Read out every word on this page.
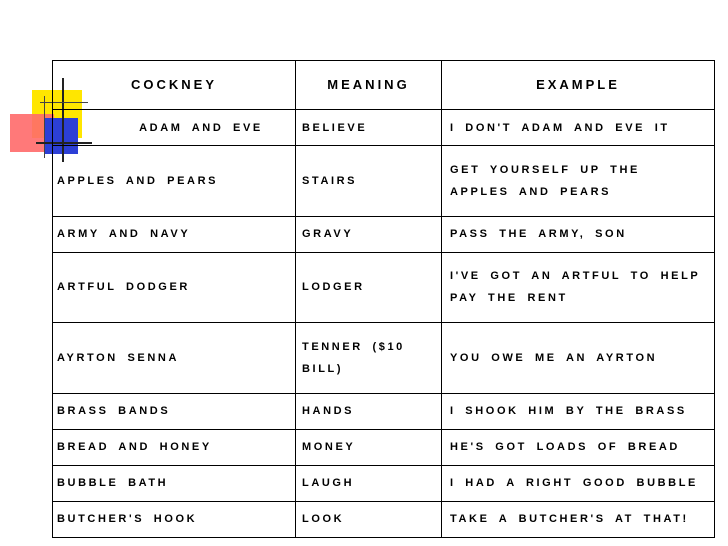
COCKNEY	MEANING	EXAMPLE
ADAM AND EVE	BELIEVE	I DON'T ADAM AND EVE IT
APPLES AND PEARS	STAIRS	GET YOURSELF UP THE APPLES AND PEARS
ARMY AND NAVY	GRAVY	PASS THE ARMY, SON
ARTFUL DODGER	LODGER	I'VE GOT AN ARTFUL TO HELP PAY THE RENT
AYRTON SENNA	TENNER ($10 BILL)	YOU OWE ME AN AYRTON
BRASS BANDS	HANDS	I SHOOK HIM BY THE BRASS
BREAD AND HONEY	MONEY	HE'S GOT LOADS OF BREAD
BUBBLE BATH	LAUGH	I HAD A RIGHT GOOD BUBBLE
BUTCHER'S HOOK	LOOK	TAKE A BUTCHER'S AT THAT!
